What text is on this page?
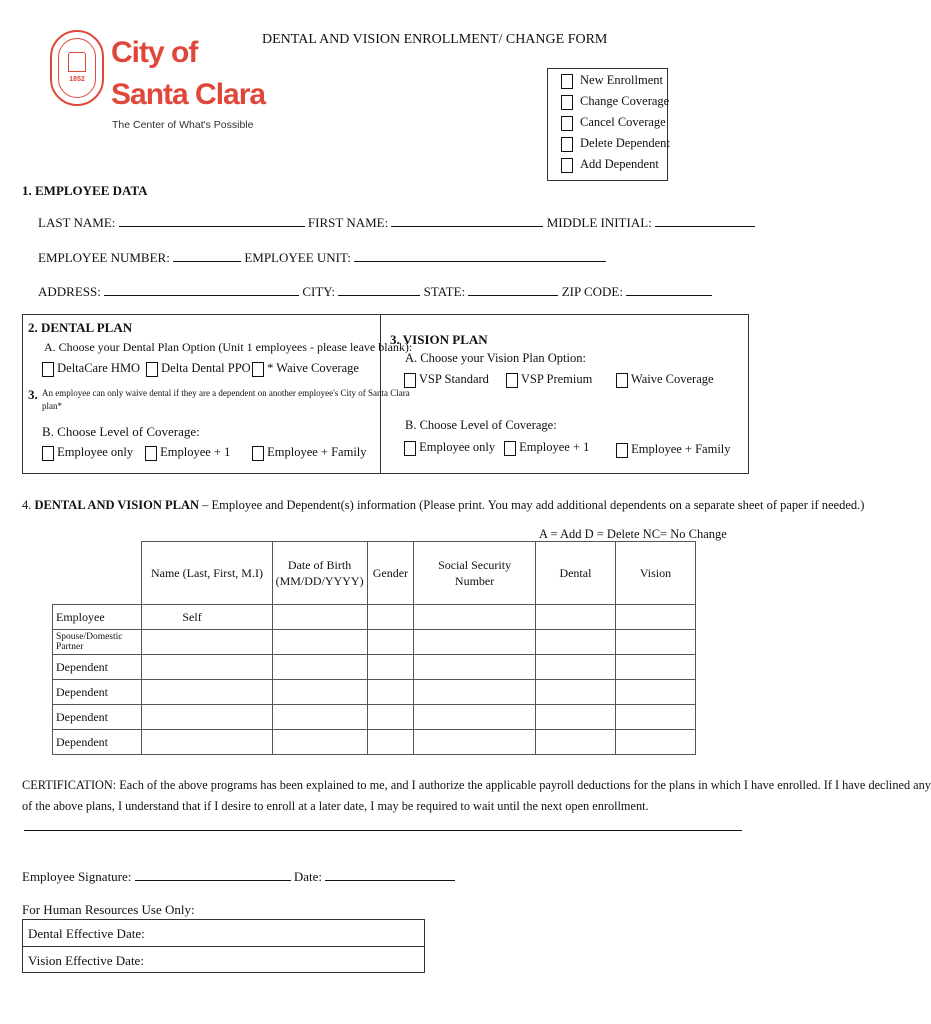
1852
City of
Santa Clara
The Center of What's Possible
DENTAL AND VISION ENROLLMENT/ CHANGE FORM
New Enrollment
Change Coverage
Cancel Coverage
Delete Dependent
Add Dependent
1. EMPLOYEE DATA
LAST NAME:	FIRST NAME:	MIDDLE INITIAL:
EMPLOYEE NUMBER:	EMPLOYEE UNIT:
ADDRESS:	CITY:	STATE:	ZIP CODE:
2. DENTAL PLAN
A. Choose your Dental Plan Option (Unit 1 employees - please leave blank):
DeltaCare HMO	Delta Dental PPO	* Waive Coverage
3. An employee can only waive dental if they are a dependent on another employee's City of Santa Clara
plan*
B. Choose Level of Coverage:
Employee only	Employee + 1	Employee + Family
3. VISION PLAN
A. Choose your Vision Plan Option:
VSP Standard	VSP Premium	Waive Coverage
B. Choose Level of Coverage:
Employee only	Employee + 1	Employee + Family
4. DENTAL AND VISION PLAN – Employee and Dependent(s) information (Please print. You may add additional dependents on a separate sheet of paper if needed.)
A = Add D = Delete NC= No Change
	Name (Last, First, M.I)	Date of Birth (MM/DD/YYYY)	Gender	Social Security Number	Dental	Vision
Employee	Self					
Spouse/Domestic Partner						
Dependent						
Dependent						
Dependent						
Dependent						
CERTIFICATION: Each of the above programs has been explained to me, and I authorize the applicable payroll deductions for the plans in which I have enrolled. If I have declined any
of the above plans, I understand that if I desire to enroll at a later date, I may be required to wait until the next open enrollment.
Employee Signature:	Date:
For Human Resources Use Only:
Dental Effective Date:
Vision Effective Date:
